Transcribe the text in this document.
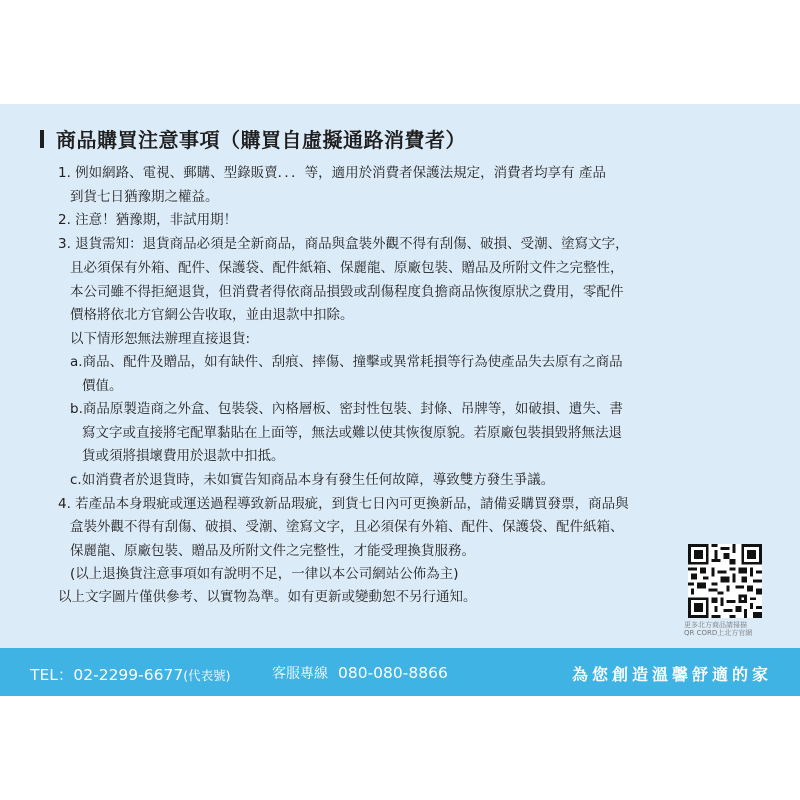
商品購買注意事項（購買自虛擬通路消費者）
1. 例如網路、電視、郵購、型錄販賣．．．等，適用於消費者保護法規定，消費者均享有 產品
到貨七日猶豫期之權益。
2. 注意！猶豫期，非試用期！
3. 退貨需知：退貨商品必須是全新商品，商品與盒裝外觀不得有刮傷、破損、受潮、塗寫文字，
且必須保有外箱、配件、保護袋、配件紙箱、保麗龍、原廠包裝、贈品及所附文件之完整性，
本公司雖不得拒絕退貨，但消費者得依商品損毀或刮傷程度負擔商品恢復原狀之費用，零配件
價格將依北方官網公告收取，並由退款中扣除。
以下情形恕無法辦理直接退貨:
a.商品、配件及贈品，如有缺件、刮痕、摔傷、撞擊或異常耗損等行為使產品失去原有之商品
價值。
b.商品原製造商之外盒、包裝袋、內格層板、密封性包裝、封條、吊牌等，如破損、遺失、書
寫文字或直接將宅配單黏貼在上面等，無法或難以使其恢復原貌。若原廠包裝損毀將無法退
貨或須將損壞費用於退款中扣抵。
c.如消費者於退貨時，未如實告知商品本身有發生任何故障，導致雙方發生爭議。
4. 若產品本身瑕疵或運送過程導致新品瑕疵，到貨七日內可更換新品，請備妥購買發票，商品與
盒裝外觀不得有刮傷、破損、受潮、塗寫文字，且必須保有外箱、配件、保護袋、配件紙箱、
保麗龍、原廠包裝、贈品及所附文件之完整性，才能受理換貨服務。
(以上退換貨注意事項如有說明不足，一律以本公司網站公佈為主)
以上文字圖片僅供參考、以實物為準。如有更新或變動恕不另行通知。
更多北方商品請掃描
QR CORD上北方官網
TEL：02-2299-6677(代表號)	客服專線 080-080-8866	為您創造溫馨舒適的家
